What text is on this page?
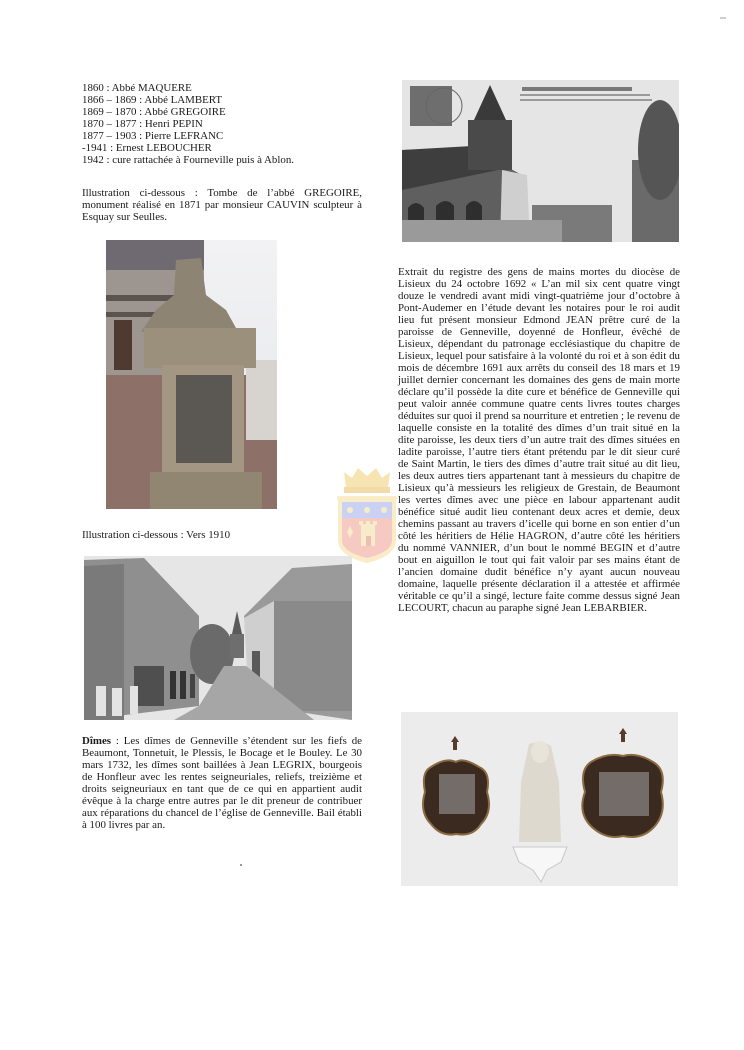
1860 : Abbé MAQUERE
1866 – 1869 : Abbé LAMBERT
1869 – 1870 : Abbé GREGOIRE
1870 – 1877 : Henri PEPIN
1877 – 1903 : Pierre LEFRANC
-1941 : Ernest LEBOUCHER
1942 : cure rattachée à Fourneville puis à Ablon.
Illustration ci-dessous : Tombe de l’abbé GREGOIRE, monument réalisé en 1871 par monsieur CAUVIN sculpteur à Esquay sur Seulles.
Illustration ci-dessous : Vers 1910
Dîmes : Les dîmes de Genneville s’étendent sur les fiefs de Beaumont, Tonnetuit, le Plessis, le Bocage et le Bouley. Le 30 mars 1732, les dîmes sont baillées à Jean LEGRIX, bourgeois de Honfleur avec les rentes seigneuriales, reliefs, treizième et droits seigneuriaux en tant que de ce qui en appartient audit évêque à la charge entre autres par le dit preneur de contribuer aux réparations du chancel de l’église de Genneville. Bail établi à 100 livres par an.
Extrait du registre des gens de mains mortes du diocèse de Lisieux du 24 octobre 1692 « L’an mil six cent quatre vingt douze le vendredi avant midi vingt-quatrième jour d’octobre à Pont-Audemer en l’étude devant les notaires pour le roi audit lieu fut présent monsieur Edmond JEAN prêtre curé de la paroisse de Genneville, doyenné de Honfleur, évêché de Lisieux, dépendant du patronage ecclésiastique du chapitre de Lisieux, lequel pour satisfaire à la volonté du roi et à son édit du mois de décembre 1691 aux arrêts du conseil des 18 mars et 19 juillet dernier concernant les domaines des gens de main morte déclare qu’il possède la dite cure et bénéfice de Genneville qui peut valoir année commune quatre cents livres toutes charges déduites sur quoi il prend sa nourriture et entretien ; le revenu de laquelle consiste en la totalité des dîmes d’un trait situé en la dite paroisse, les deux tiers d’un autre trait des dîmes situées en ladite paroisse, l’autre tiers étant prétendu par le dit sieur curé de Saint Martin, le tiers des dîmes d’autre trait situé au dit lieu, les deux autres tiers appartenant tant à messieurs du chapitre de Lisieux qu’à messieurs les religieux de Grestain, de Beaumont les vertes dîmes avec une pièce en labour appartenant audit bénéfice situé audit lieu contenant deux acres et demie, deux chemins passant au travers d’icelle qui borne en son entier d’un côté les héritiers de Hélie HAGRON, d’autre côté les héritiers du nommé VANNIER, d’un bout le nommé BEGIN et d’autre bout en aiguillon le tout qui fait valoir par ses mains étant de l’ancien domaine dudit bénéfice n’y ayant aucun nouveau domaine, laquelle présente déclaration il a attestée et affirmée véritable ce qu’il a singé, lecture faite comme dessus signé Jean LECOURT, chacun au paraphe signé Jean LEBARBIER.
